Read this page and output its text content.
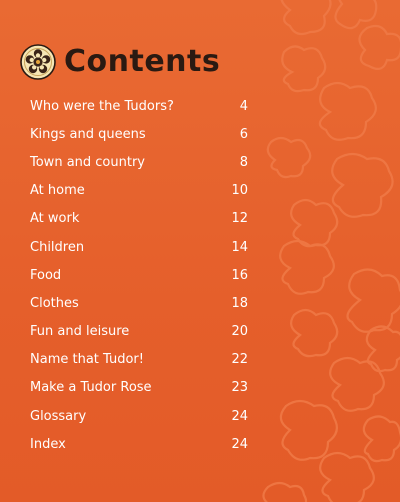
Contents
Who were the Tudors?	4
Kings and queens	6
Town and country	8
At home	10
At work	12
Children	14
Food	16
Clothes	18
Fun and leisure	20
Name that Tudor!	22
Make a Tudor Rose	23
Glossary	24
Index	24
